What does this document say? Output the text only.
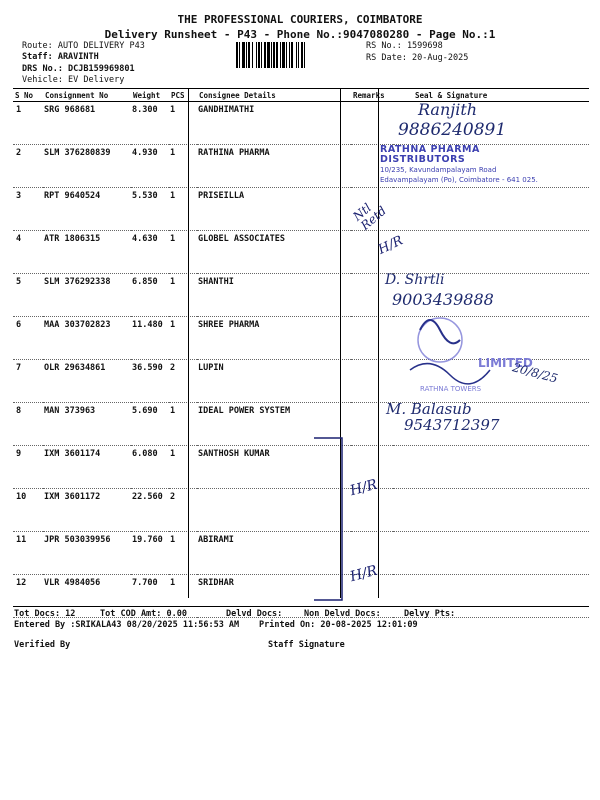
THE PROFESSIONAL COURIERS, COIMBATORE
Delivery Runsheet - P43 - Phone No.:9047080280 - Page No.:1
Route: AUTO DELIVERY P43
Staff: ARAVINTH
DRS No.: DCJB159969801
Vehicle: EV Delivery
RS No.: 1599698
RS Date: 20-Aug-2025
S No	Consignment No	Weight	PCS	Consignee Details	Remarks	Seal & Signature
1	SRG 968681	8.300	1	GANDHIMATHI		
2	SLM 376280839	4.930	1	RATHINA PHARMA		
3	RPT 9640524	5.530	1	PRISEILLA		
4	ATR 1806315	4.630	1	GLOBEL ASSOCIATES		
5	SLM 376292338	6.850	1	SHANTHI		
6	MAA 303702823	11.480	1	SHREE PHARMA		
7	OLR 29634861	36.590	2	LUPIN		
8	MAN 373963	5.690	1	IDEAL POWER SYSTEM		
9	IXM 3601174	6.080	1	SANTHOSH KUMAR		
10	IXM 3601172	22.560	2			
11	JPR 503039956	19.760	1	ABIRAMI		
12	VLR 4984056	7.700	1	SRIDHAR		
Ranjith
9886240891
RATHNA PHARMA DISTRIBUTORS
10/235, Kavundampalayam Road
Edavampalayam (Po), Coimbatore - 641 025.
Ntl Retd
H/R
D. Shrtli
9003439888
LIMITED
RATHNA TOWERS
20/8/25
M. Balasub
9543712397
H/R
H/R
Tot Docs: 12	Tot COD Amt: 0.00	Delvd Docs:	Non Delvd Docs:	Delvy Pts:
Entered By :SRIKALA43 08/20/2025 11:56:53 AM Printed On: 20-08-2025 12:01:09
Verified By	Staff Signature
